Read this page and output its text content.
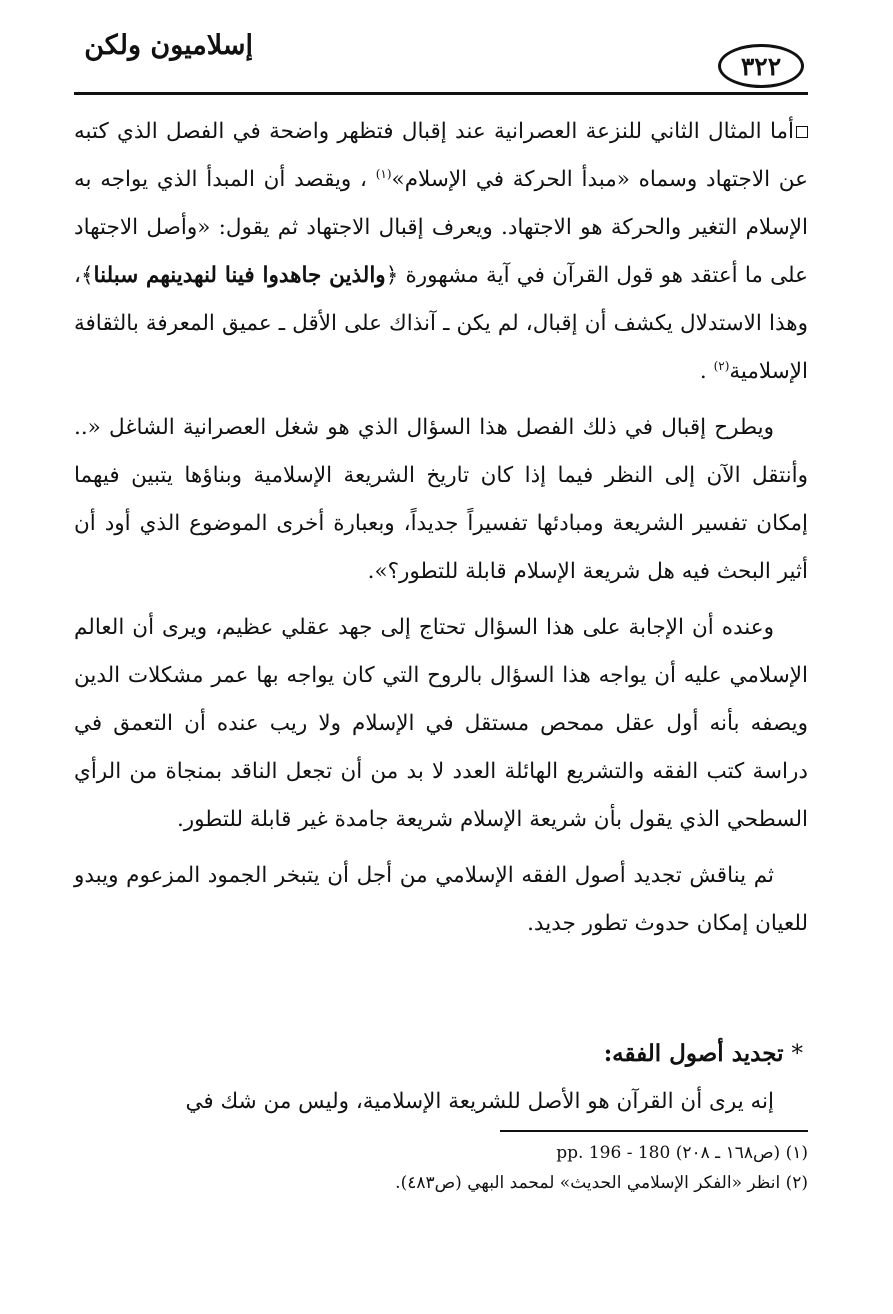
إسلاميون ولكن
٣٢٢

أما المثال الثاني للنزعة العصرانية عند إقبال فتظهر واضحة في الفصل الذي كتبه عن الاجتهاد وسماه «مبدأ الحركة في الإسلام»$^{(١)}$ ، ويقصد أن المبدأ الذي يواجه به الإسلام التغير والحركة هو الاجتهاد. ويعرف إقبال الاجتهاد ثم يقول: «وأصل الاجتهاد على ما أعتقد هو قول القرآن في آية مشهورة ﴿والذين جاهدوا فينا لنهدينهم سبلنا﴾، وهذا الاستدلال يكشف أن إقبال، لم يكن ـ آنذاك على الأقل ـ عميق المعرفة بالثقافة الإسلامية$^{(٢)}$ .

ويطرح إقبال في ذلك الفصل هذا السؤال الذي هو شغل العصرانية الشاغل «.. وأنتقل الآن إلى النظر فيما إذا كان تاريخ الشريعة الإسلامية وبناؤها يتبين فيهما إمكان تفسير الشريعة ومبادئها تفسيراً جديداً، وبعبارة أخرى الموضوع الذي أود أن أثير البحث فيه هل شريعة الإسلام قابلة للتطور؟».

وعنده أن الإجابة على هذا السؤال تحتاج إلى جهد عقلي عظيم، ويرى أن العالم الإسلامي عليه أن يواجه هذا السؤال بالروح التي كان يواجه بها عمر مشكلات الدين ويصفه بأنه أول عقل ممحص مستقل في الإسلام ولا ريب عنده أن التعمق في دراسة كتب الفقه والتشريع الهائلة العدد لا بد من أن تجعل الناقد بمنجاة من الرأي السطحي الذي يقول بأن شريعة الإسلام شريعة جامدة غير قابلة للتطور.

ثم يناقش تجديد أصول الفقه الإسلامي من أجل أن يتبخر الجمود المزعوم ويبدو للعيان إمكان حدوث تطور جديد.

*تجديد أصول الفقه:
إنه يرى أن القرآن هو الأصل للشريعة الإسلامية، وليس من شك في
(١) (ص١٦٨ ـ ٢٠٨) pp. 196 - 180
(٢) انظر «الفكر الإسلامي الحديث» لمحمد البهي (ص٤٨٣).
